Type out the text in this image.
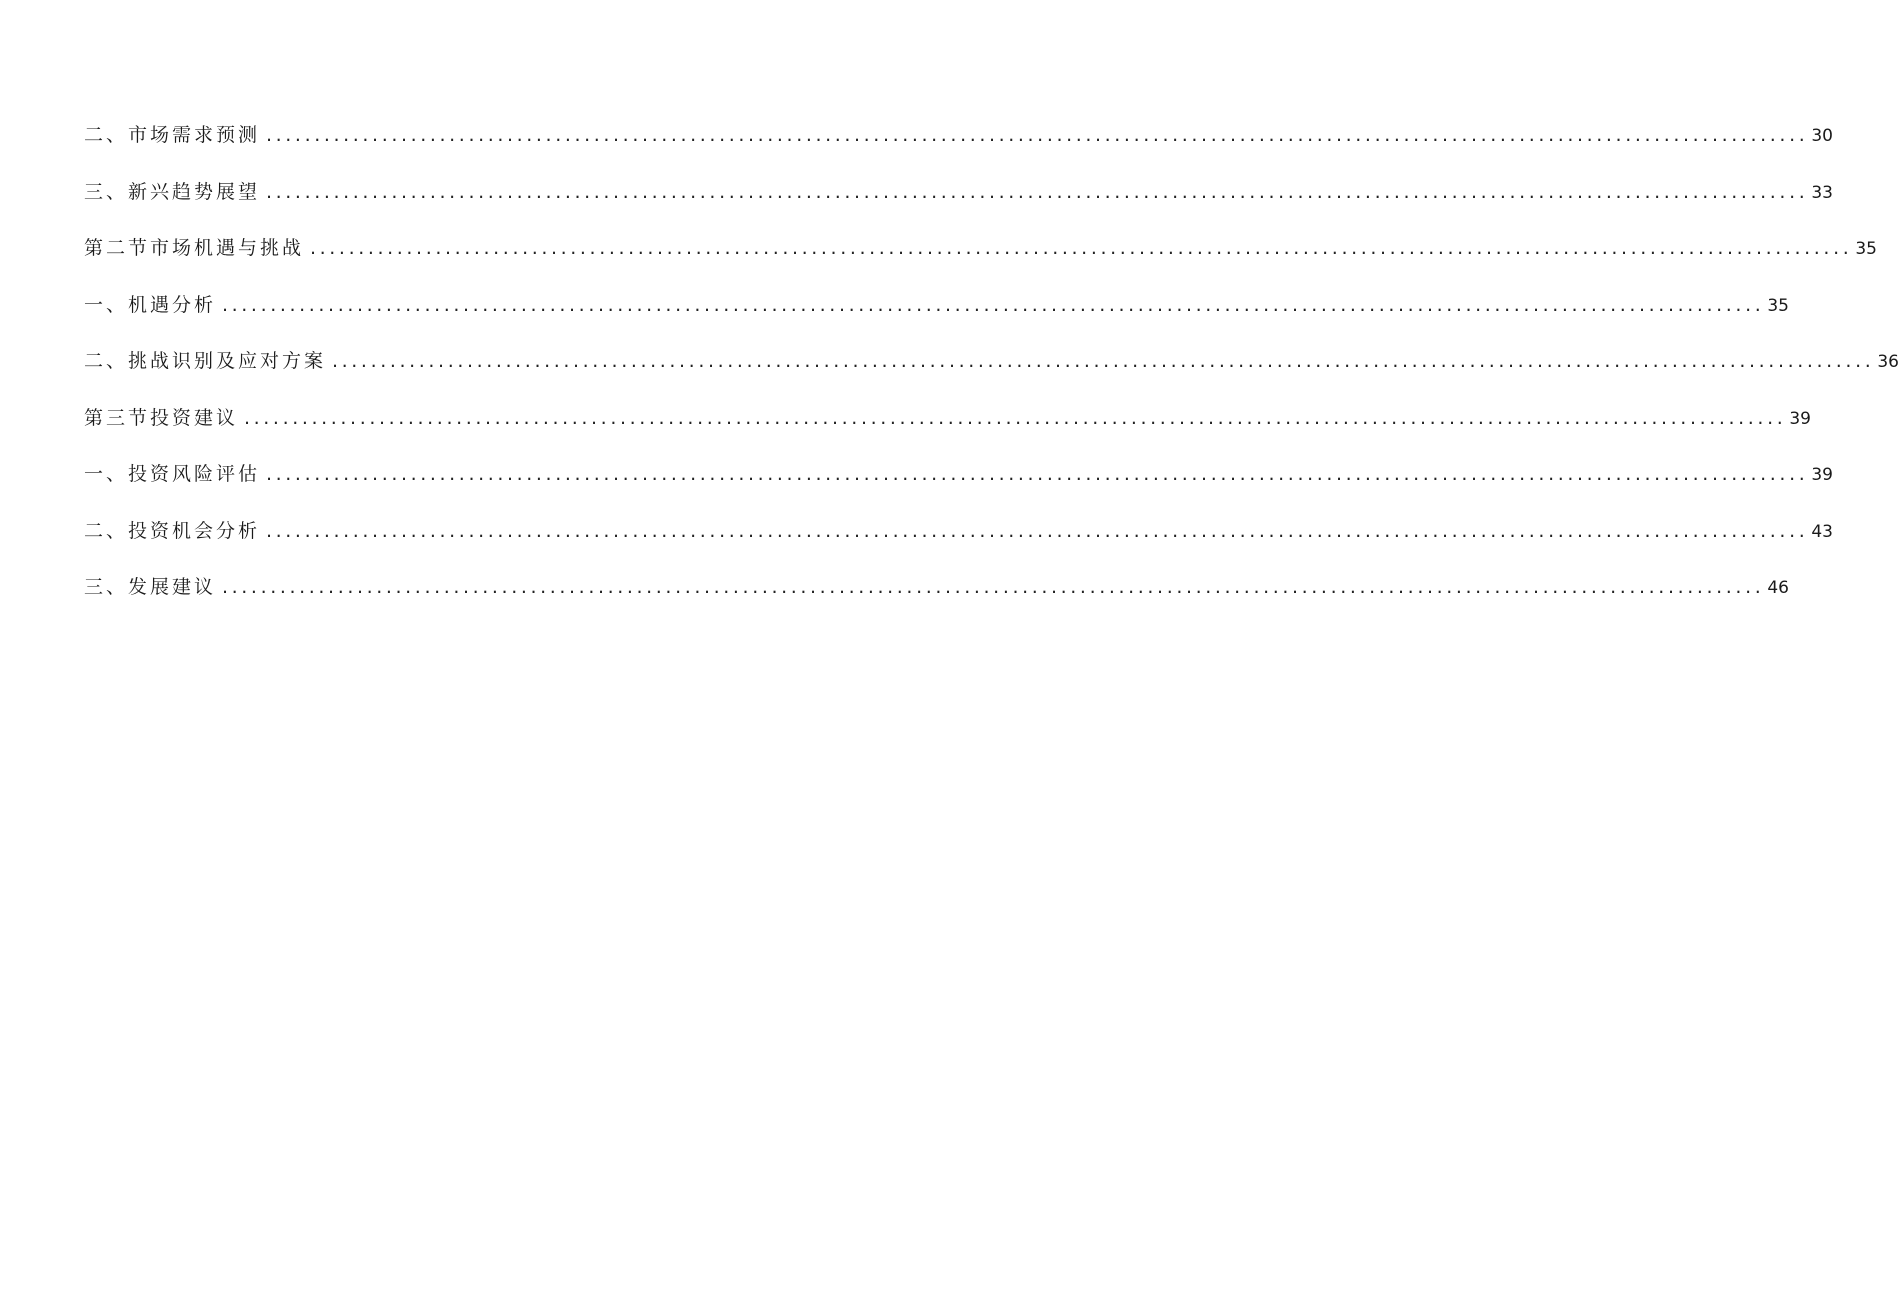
二、市场需求预测 ................................................................................................................................................................ 30
三、新兴趋势展望 ................................................................................................................................................................ 33
第二节市场机遇与挑战 ................................................................................................................................................................ 35
一、机遇分析 ................................................................................................................................................................ 35
二、挑战识别及应对方案 ................................................................................................................................................................ 36
第三节投资建议 ................................................................................................................................................................ 39
一、投资风险评估 ................................................................................................................................................................ 39
二、投资机会分析 ................................................................................................................................................................ 43
三、发展建议 ................................................................................................................................................................ 46
